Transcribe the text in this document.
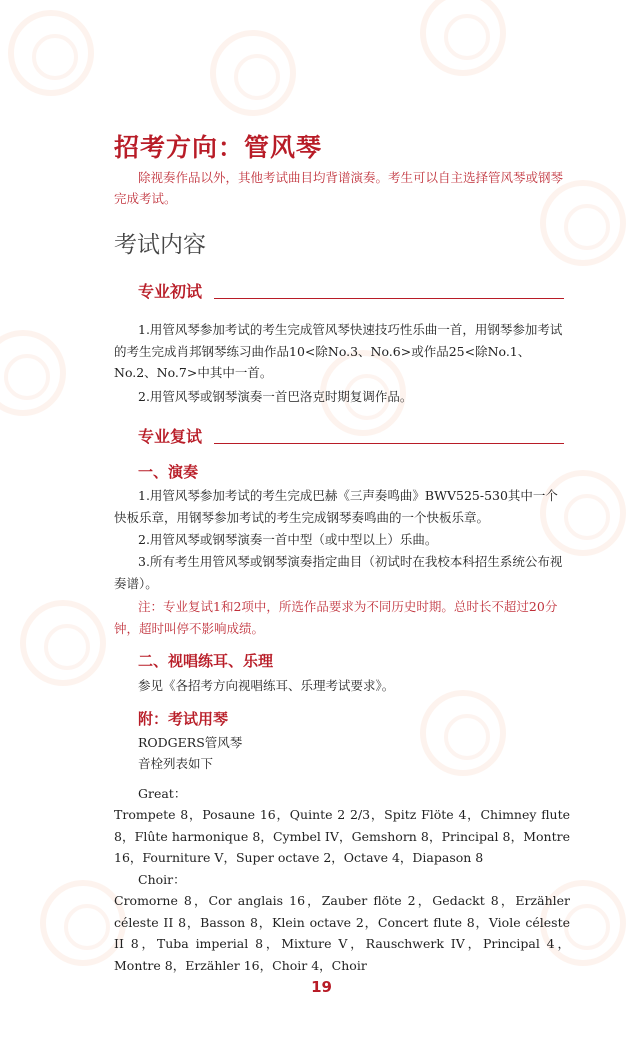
招考方向：管风琴
除视奏作品以外，其他考试曲目均背谱演奏。考生可以自主选择管风琴或钢琴完成考试。
考试内容
专业初试
1.用管风琴参加考试的考生完成管风琴快速技巧性乐曲一首，用钢琴参加考试的考生完成肖邦钢琴练习曲作品10<除No.3、No.6>或作品25<除No.1、No.2、No.7>中其中一首。
2.用管风琴或钢琴演奏一首巴洛克时期复调作品。
专业复试
一、演奏
1.用管风琴参加考试的考生完成巴赫《三声奏鸣曲》BWV525-530其中一个快板乐章，用钢琴参加考试的考生完成钢琴奏鸣曲的一个快板乐章。
2.用管风琴或钢琴演奏一首中型（或中型以上）乐曲。
3.所有考生用管风琴或钢琴演奏指定曲目（初试时在我校本科招生系统公布视奏谱）。
注：专业复试1和2项中，所选作品要求为不同历史时期。总时长不超过20分钟，超时叫停不影响成绩。
二、视唱练耳、乐理
参见《各招考方向视唱练耳、乐理考试要求》。
附：考试用琴
RODGERS管风琴
音栓列表如下
Great：
Trompete 8，Posaune 16，Quinte 2 2/3，Spitz Flöte 4，Chimney flute 8，Flûte harmonique 8，Cymbel IV，Gemshorn 8，Principal 8，Montre 16，Fourniture V，Super octave 2，Octave 4，Diapason 8
Choir：
Cromorne 8，Cor anglais 16，Zauber flöte 2，Gedackt 8，Erzähler céleste II 8，Basson 8，Klein octave 2，Concert flute 8，Viole céleste II 8，Tuba imperial 8，Mixture V，Rauschwerk IV，Principal 4，Montre 8，Erzähler 16，Choir 4，Choir
19
